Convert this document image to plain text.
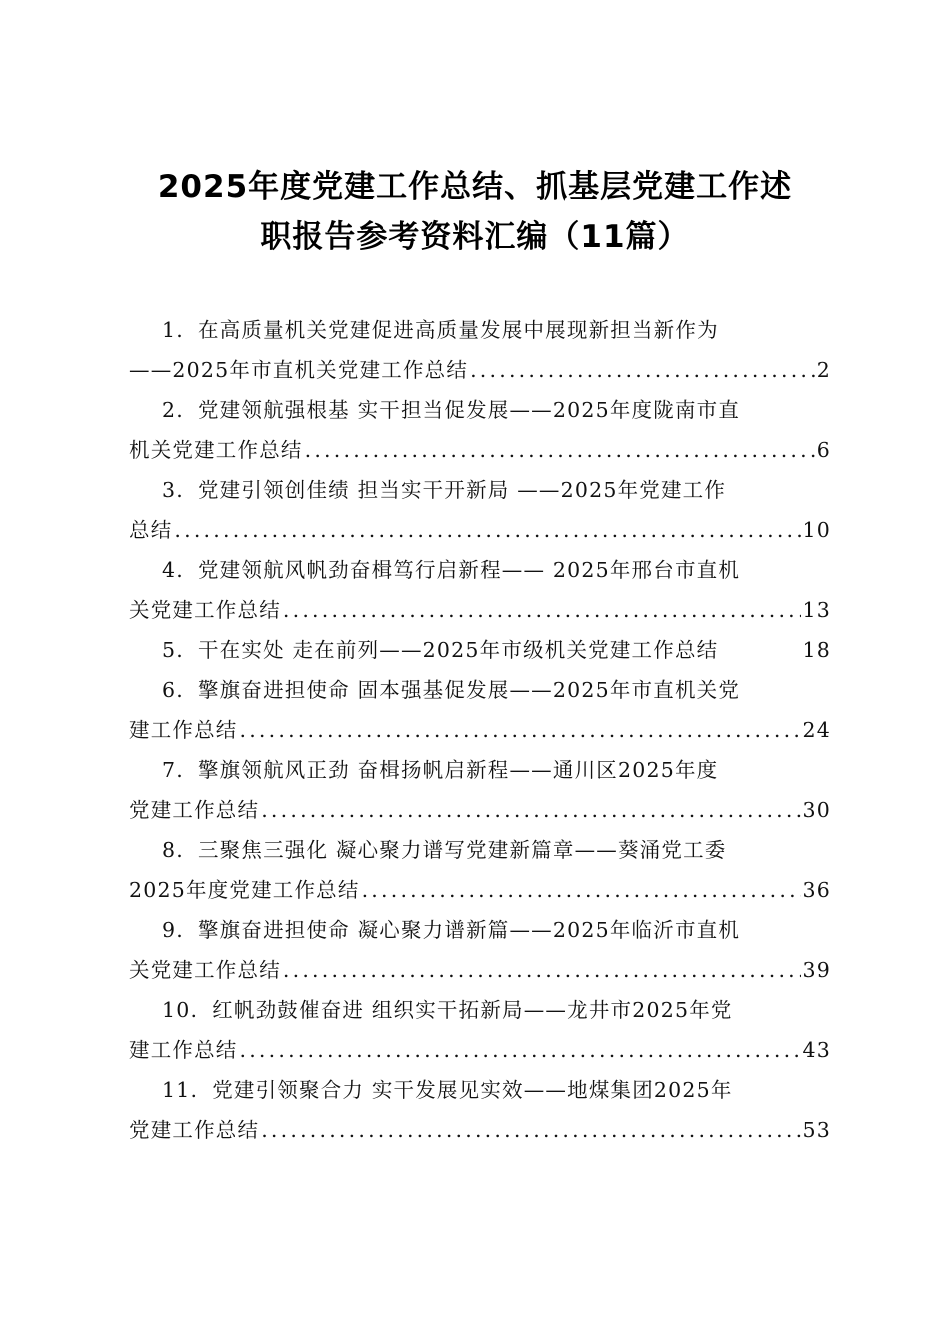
2025年度党建工作总结、抓基层党建工作述
职报告参考资料汇编（11篇）
1. 在高质量机关党建促进高质量发展中展现新担当新作为
——2025年市直机关党建工作总结 .....	2
2. 党建领航强根基 实干担当促发展——2025年度陇南市直
机关党建工作总结 .....	6
3. 党建引领创佳绩 担当实干开新局 ——2025年党建工作
总结 .....	10
4. 党建领航风帆劲奋楫笃行启新程—— 2025年邢台市直机
关党建工作总结 .....	13
5. 干在实处 走在前列——2025年市级机关党建工作总结	18
6. 擎旗奋进担使命 固本强基促发展——2025年市直机关党
建工作总结 .....	24
7. 擎旗领航风正劲 奋楫扬帆启新程——通川区2025年度
党建工作总结 .....	30
8. 三聚焦三强化 凝心聚力谱写党建新篇章——葵涌党工委
2025年度党建工作总结 .....	36
9. 擎旗奋进担使命 凝心聚力谱新篇——2025年临沂市直机
关党建工作总结 .....	39
10. 红帆劲鼓催奋进 组织实干拓新局——龙井市2025年党
建工作总结 .....	43
11. 党建引领聚合力 实干发展见实效——地煤集团2025年
党建工作总结 .....	53
